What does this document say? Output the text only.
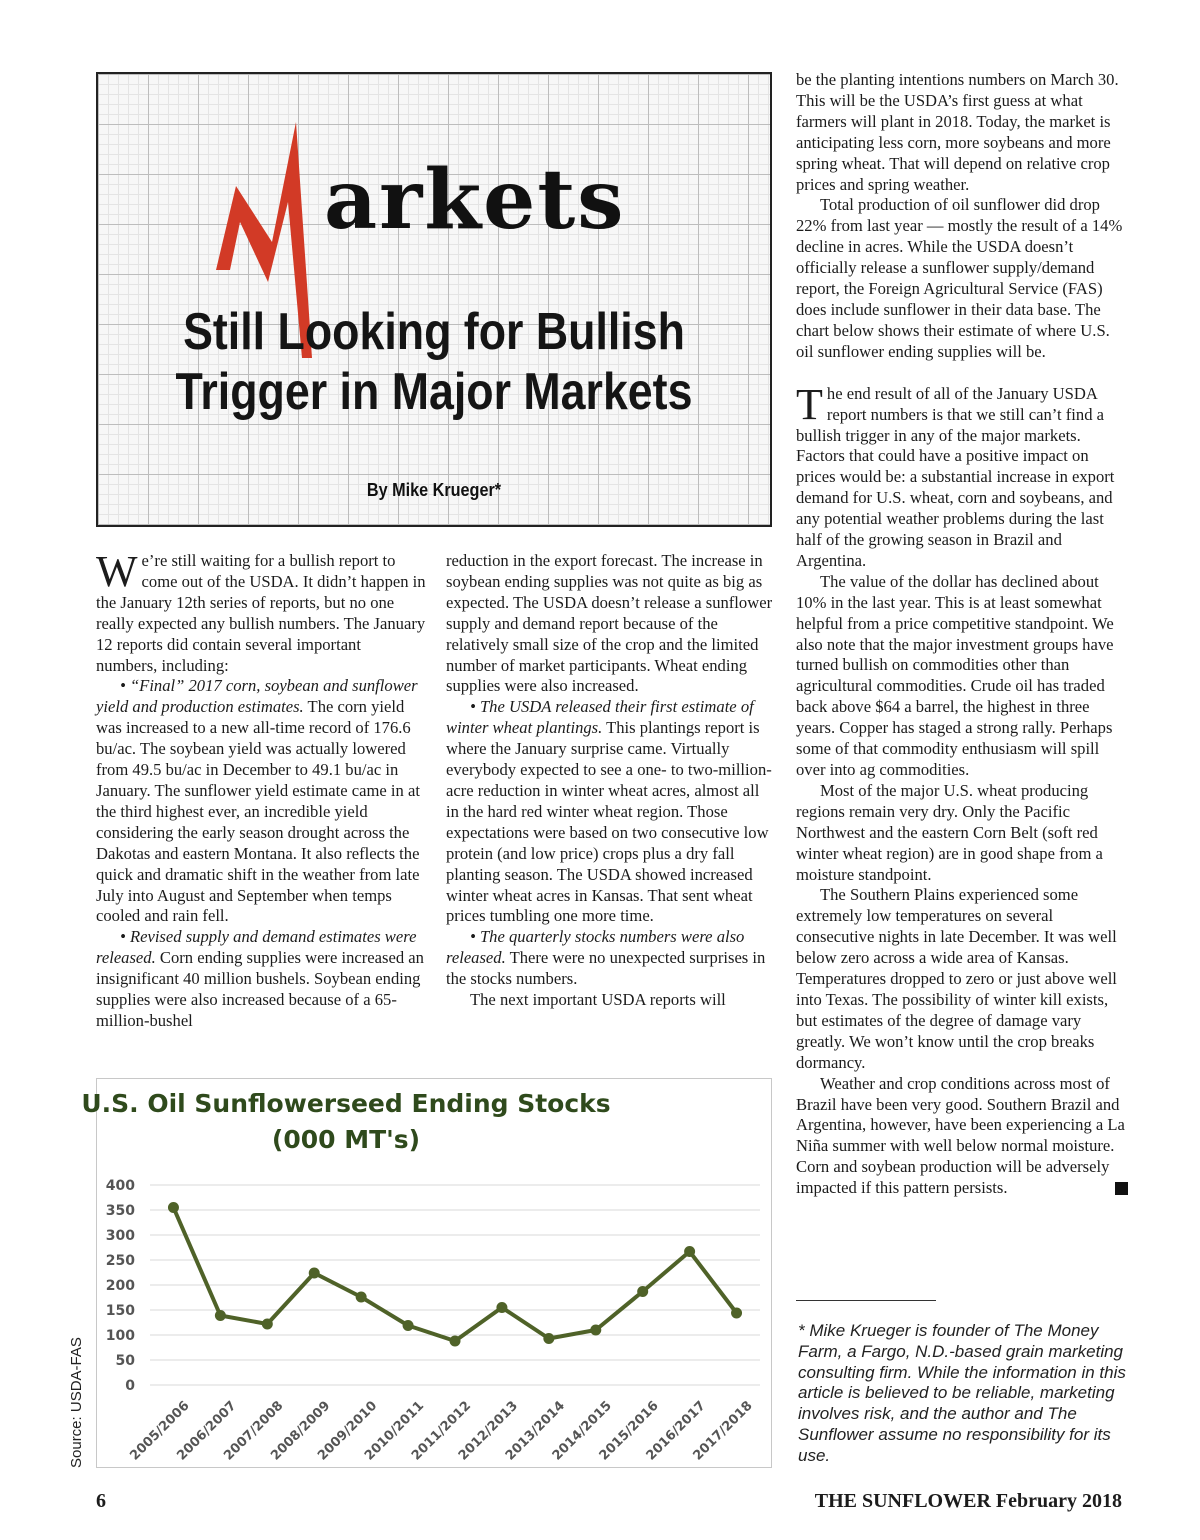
arkets
Still Looking for Bullish
Trigger in Major Markets
By Mike Krueger*

We’re still waiting for a bullish report to come out of the USDA. It didn’t happen in the January 12th series of reports, but no one really expected any bullish numbers. The January 12 reports did contain several important numbers, including:

• “Final” 2017 corn, soybean and sunflower yield and production estimates. The corn yield was increased to a new all-time record of 176.6 bu/ac. The soybean yield was actually lowered from 49.5 bu/ac in December to 49.1 bu/ac in January. The sunflower yield estimate came in at the third highest ever, an incredible yield considering the early season drought across the Dakotas and eastern Montana. It also reflects the quick and dramatic shift in the weather from late July into August and September when temps cooled and rain fell.

• Revised supply and demand estimates were released. Corn ending supplies were increased an insignificant 40 million bushels. Soybean ending supplies were also increased because of a 65-million-bushel

reduction in the export forecast. The increase in soybean ending supplies was not quite as big as expected. The USDA doesn’t release a sunflower supply and demand report because of the relatively small size of the crop and the limited number of market participants. Wheat ending supplies were also increased.

• The USDA released their first estimate of winter wheat plantings. This plantings report is where the January surprise came. Virtually everybody expected to see a one- to two-million-acre reduction in winter wheat acres, almost all in the hard red winter wheat region. Those expectations were based on two consecutive low protein (and low price) crops plus a dry fall planting season. The USDA showed increased winter wheat acres in Kansas. That sent wheat prices tumbling one more time.

• The quarterly stocks numbers were also released. There were no unexpected surprises in the stocks numbers.

The next important USDA reports will

be the planting intentions numbers on March 30. This will be the USDA’s first guess at what farmers will plant in 2018. Today, the market is anticipating less corn, more soybeans and more spring wheat. That will depend on relative crop prices and spring weather.

Total production of oil sunflower did drop 22% from last year — mostly the result of a 14% decline in acres. While the USDA doesn’t officially release a sunflower supply/demand report, the Foreign Agricultural Service (FAS) does include sunflower in their data base. The chart below shows their estimate of where U.S. oil sunflower ending supplies will be.

The end result of all of the January USDA report numbers is that we still can’t find a bullish trigger in any of the major markets. Factors that could have a positive impact on prices would be: a substantial increase in export demand for U.S. wheat, corn and soybeans, and any potential weather problems during the last half of the growing season in Brazil and Argentina.

The value of the dollar has declined about 10% in the last year. This is at least somewhat helpful from a price competitive standpoint. We also note that the major investment groups have turned bullish on commodities other than agricultural commodities. Crude oil has traded back above $64 a barrel, the highest in three years. Copper has staged a strong rally. Perhaps some of that commodity enthusiasm will spill over into ag commodities.

Most of the major U.S. wheat producing regions remain very dry. Only the Pacific Northwest and the eastern Corn Belt (soft red winter wheat region) are in good shape from a moisture standpoint.

The Southern Plains experienced some extremely low temperatures on several consecutive nights in late December. It was well below zero across a wide area of Kansas. Temperatures dropped to zero or just above well into Texas. The possibility of winter kill exists, but estimates of the degree of damage vary greatly. We won’t know until the crop breaks dormancy.

Weather and crop conditions across most of Brazil have been very good. Southern Brazil and Argentina, however, have been experiencing a La Niña summer with well below normal moisture. Corn and soybean production will be adversely impacted if this pattern persists.

* Mike Krueger is founder of The Money Farm, a Fargo, N.D.-based grain marketing consulting firm. While the information in this article is believed to be reliable, marketing involves risk, and the author and The Sunflower assume no responsibility for its use.
U.S. Oil Sunflowerseed Ending Stocks
(000 MT's)
0
50
100
150
200
250
300
350
400
2005/2006
2006/2007
2007/2008
2008/2009
2009/2010
2010/2011
2011/2012
2012/2013
2013/2014
2014/2015
2015/2016
2016/2017
2017/2018
Source: USDA-FAS
6	THE SUNFLOWER February 2018
